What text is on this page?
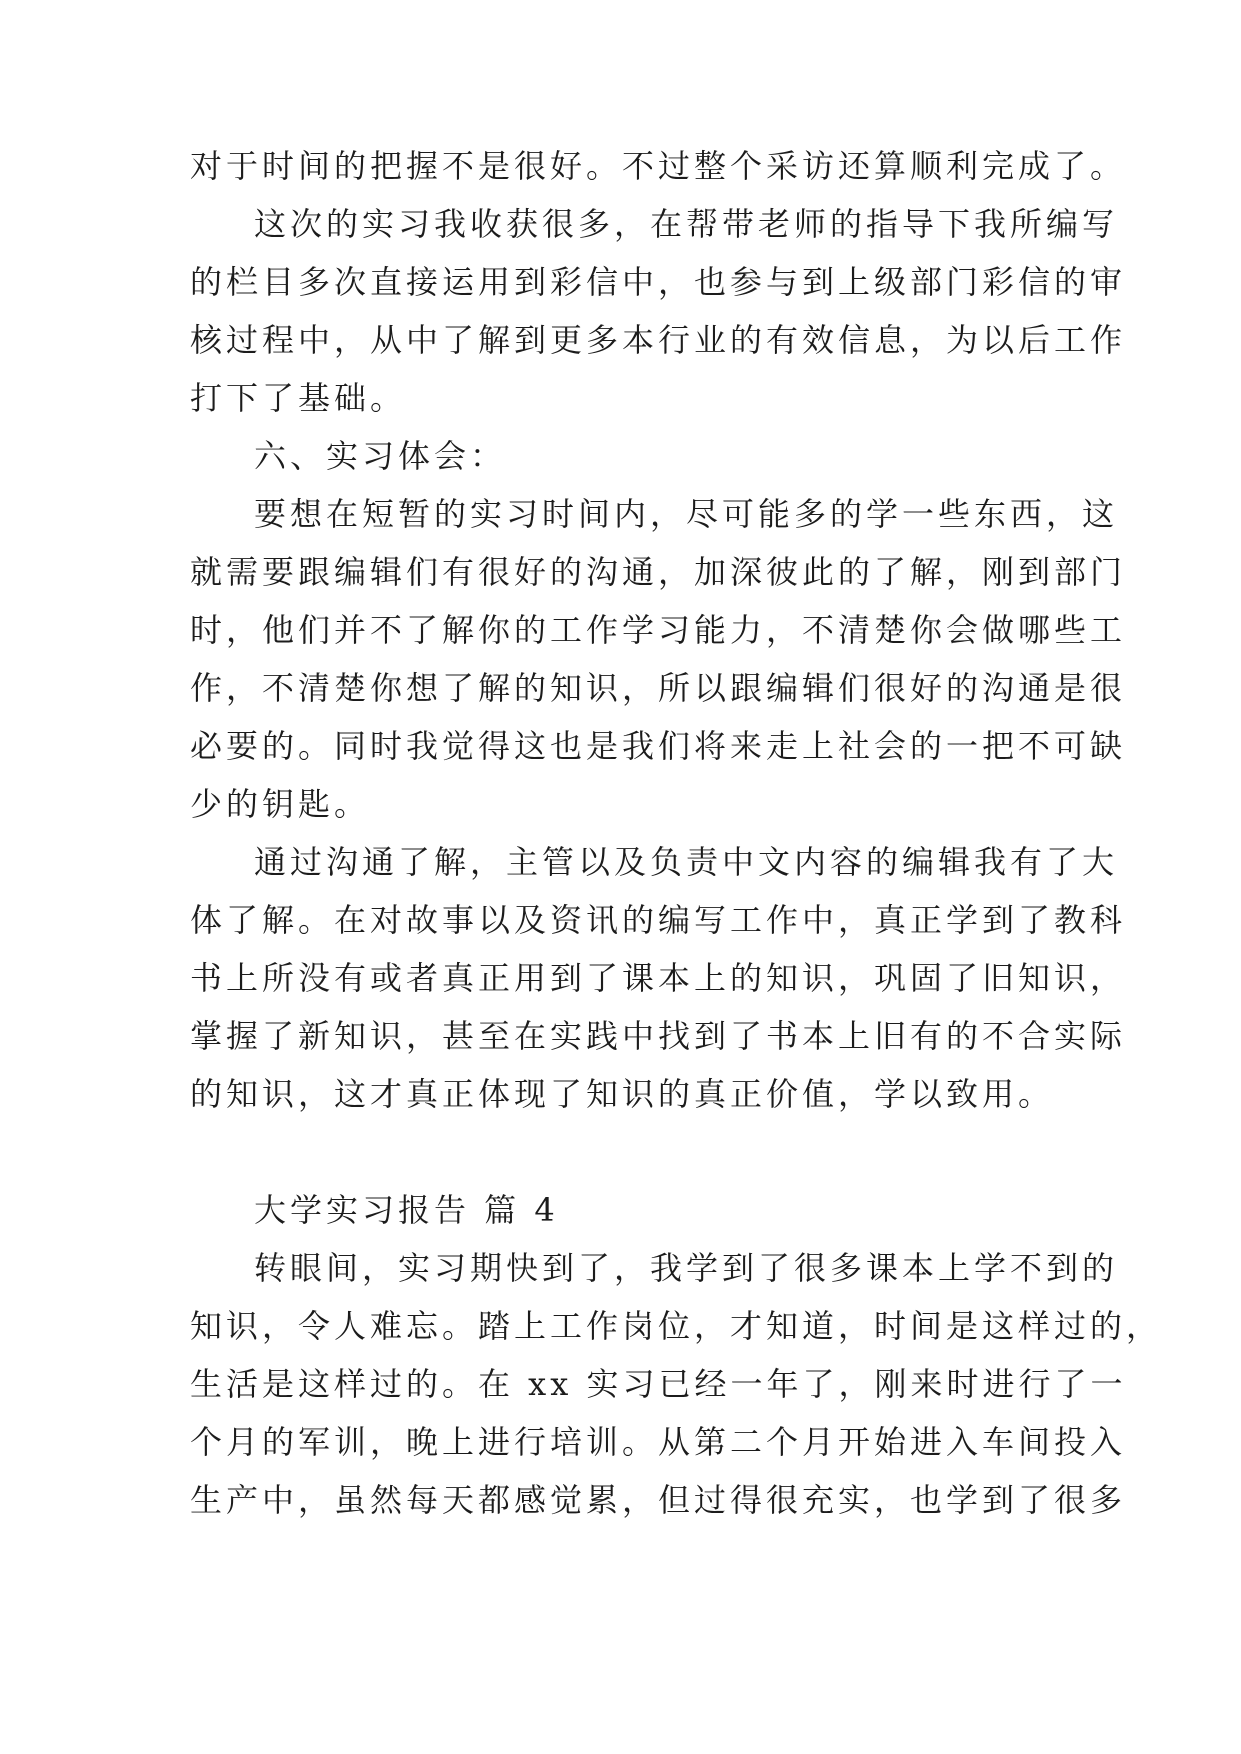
对于时间的把握不是很好。不过整个采访还算顺利完成了。
这次的实习我收获很多，在帮带老师的指导下我所编写
的栏目多次直接运用到彩信中，也参与到上级部门彩信的审
核过程中，从中了解到更多本行业的有效信息，为以后工作
打下了基础。
六、实习体会：
要想在短暂的实习时间内，尽可能多的学一些东西，这
就需要跟编辑们有很好的沟通，加深彼此的了解，刚到部门
时，他们并不了解你的工作学习能力，不清楚你会做哪些工
作，不清楚你想了解的知识，所以跟编辑们很好的沟通是很
必要的。同时我觉得这也是我们将来走上社会的一把不可缺
少的钥匙。
通过沟通了解，主管以及负责中文内容的编辑我有了大
体了解。在对故事以及资讯的编写工作中，真正学到了教科
书上所没有或者真正用到了课本上的知识，巩固了旧知识，
掌握了新知识，甚至在实践中找到了书本上旧有的不合实际
的知识，这才真正体现了知识的真正价值，学以致用。
大学实习报告 篇 4
转眼间，实习期快到了，我学到了很多课本上学不到的
知识，令人难忘。踏上工作岗位，才知道，时间是这样过的，
生活是这样过的。在 xx 实习已经一年了，刚来时进行了一
个月的军训，晚上进行培训。从第二个月开始进入车间投入
生产中，虽然每天都感觉累，但过得很充实，也学到了很多
